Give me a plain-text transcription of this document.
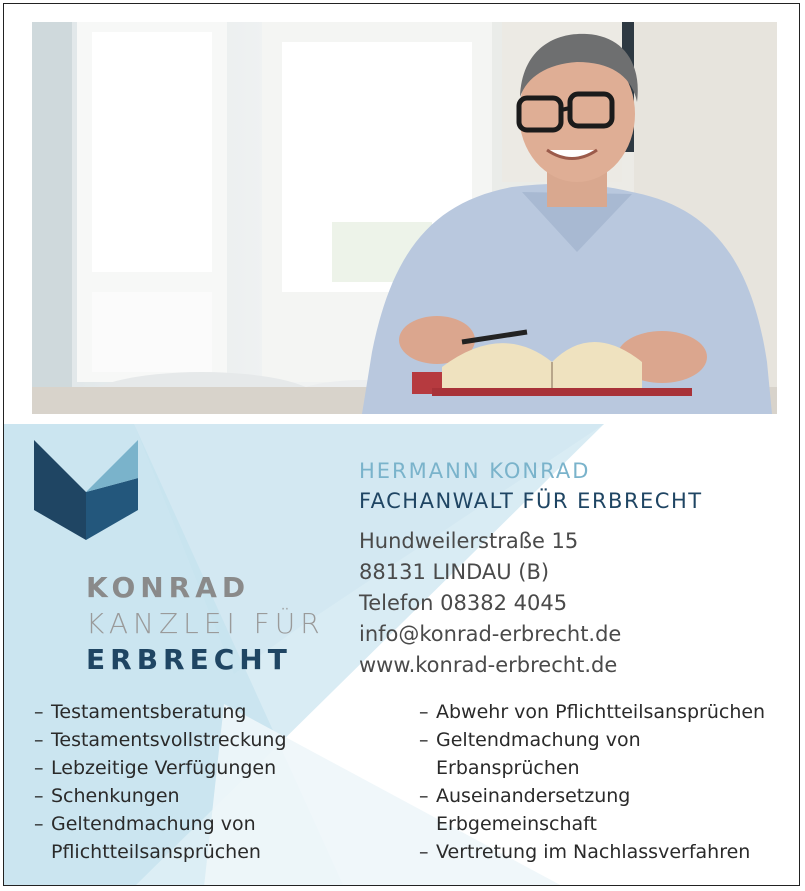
KONRAD
KANZLEI FÜR
ERBRECHT
HERMANN KONRAD
FACHANWALT FÜR ERBRECHT
Hundweilerstraße 15
88131 LINDAU (B)
Telefon 08382 4045
info@konrad-erbrecht.de
www.konrad-erbrecht.de
– Testamentsberatung
– Testamentsvollstreckung
– Lebzeitige Verfügungen
– Schenkungen
– Geltendmachung von Pflichtteilsansprüchen
– Abwehr von Pflichtteilsansprüchen
– Geltendmachung von Erbansprüchen
– Auseinandersetzung Erbgemeinschaft
– Vertretung im Nachlassverfahren
